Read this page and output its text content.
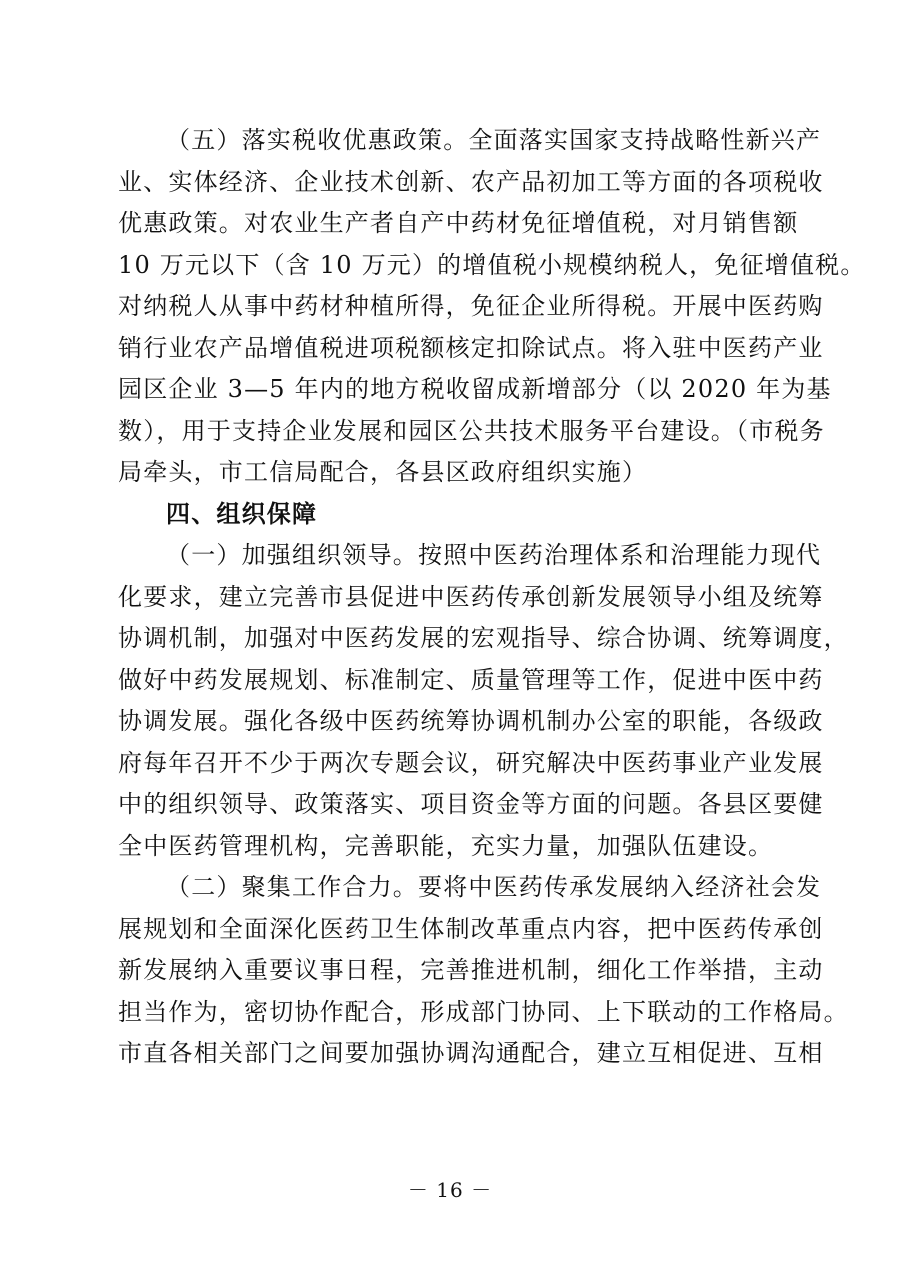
（五）落实税收优惠政策。全面落实国家支持战略性新兴产
业、实体经济、企业技术创新、农产品初加工等方面的各项税收
优惠政策。对农业生产者自产中药材免征增值税，对月销售额
10 万元以下（含 10 万元）的增值税小规模纳税人，免征增值税。
对纳税人从事中药材种植所得，免征企业所得税。开展中医药购
销行业农产品增值税进项税额核定扣除试点。将入驻中医药产业
园区企业 3—5 年内的地方税收留成新增部分（以 2020 年为基
数），用于支持企业发展和园区公共技术服务平台建设。（市税务
局牵头，市工信局配合，各县区政府组织实施）
四、组织保障
（一）加强组织领导。按照中医药治理体系和治理能力现代
化要求，建立完善市县促进中医药传承创新发展领导小组及统筹
协调机制，加强对中医药发展的宏观指导、综合协调、统筹调度，
做好中药发展规划、标准制定、质量管理等工作，促进中医中药
协调发展。强化各级中医药统筹协调机制办公室的职能，各级政
府每年召开不少于两次专题会议，研究解决中医药事业产业发展
中的组织领导、政策落实、项目资金等方面的问题。各县区要健
全中医药管理机构，完善职能，充实力量，加强队伍建设。
（二）聚集工作合力。要将中医药传承发展纳入经济社会发
展规划和全面深化医药卫生体制改革重点内容，把中医药传承创
新发展纳入重要议事日程，完善推进机制，细化工作举措，主动
担当作为，密切协作配合，形成部门协同、上下联动的工作格局。
市直各相关部门之间要加强协调沟通配合，建立互相促进、互相
－ 16 －
